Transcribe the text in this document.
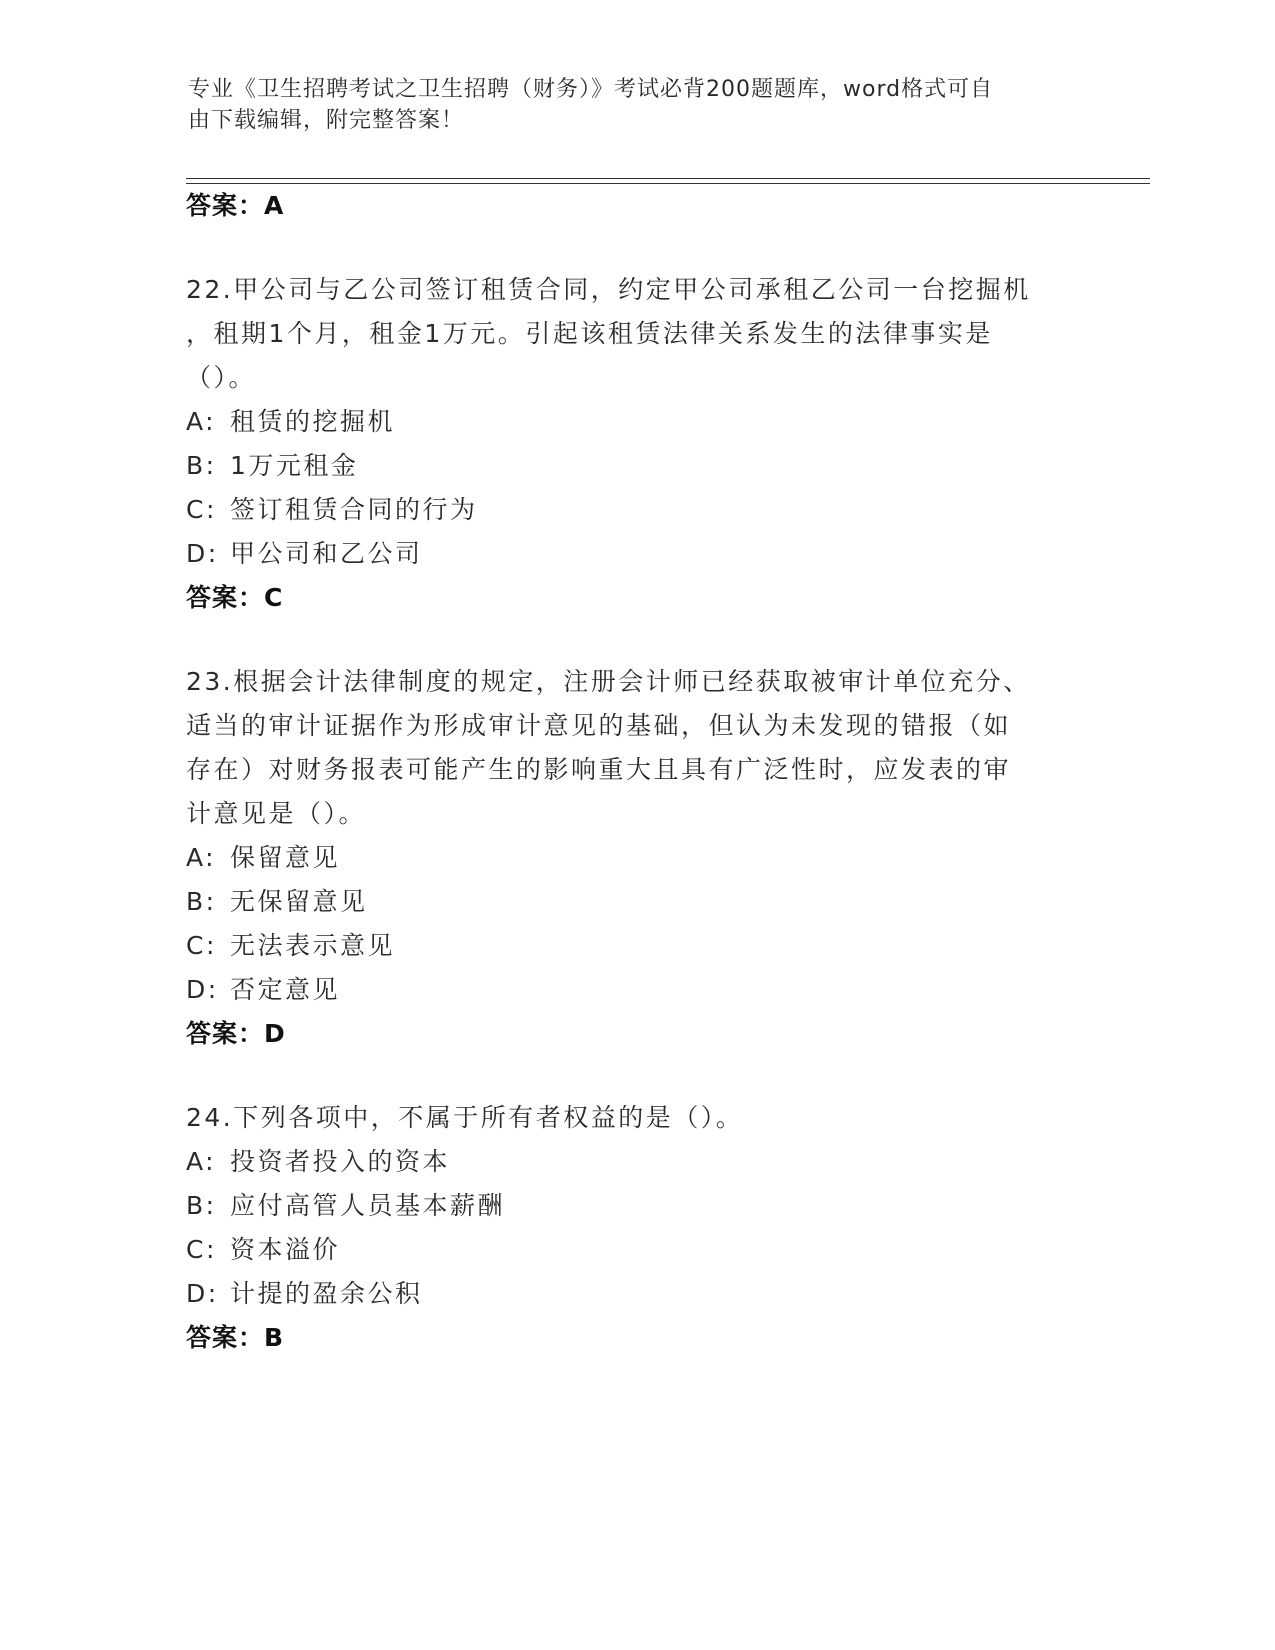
专业《卫生招聘考试之卫生招聘（财务）》考试必背200题题库，word格式可自
由下载编辑，附完整答案！
答案：A
22.甲公司与乙公司签订租赁合同，约定甲公司承租乙公司一台挖掘机
，租期1个月，租金1万元。引起该租赁法律关系发生的法律事实是
（）。
A: 租赁的挖掘机
B: 1万元租金
C: 签订租赁合同的行为
D: 甲公司和乙公司
答案：C
23.根据会计法律制度的规定，注册会计师已经获取被审计单位充分、
适当的审计证据作为形成审计意见的基础，但认为未发现的错报（如
存在）对财务报表可能产生的影响重大且具有广泛性时，应发表的审
计意见是（）。
A: 保留意见
B: 无保留意见
C: 无法表示意见
D: 否定意见
答案：D
24.下列各项中，不属于所有者权益的是（）。
A: 投资者投入的资本
B: 应付高管人员基本薪酬
C: 资本溢价
D: 计提的盈余公积
答案：B
